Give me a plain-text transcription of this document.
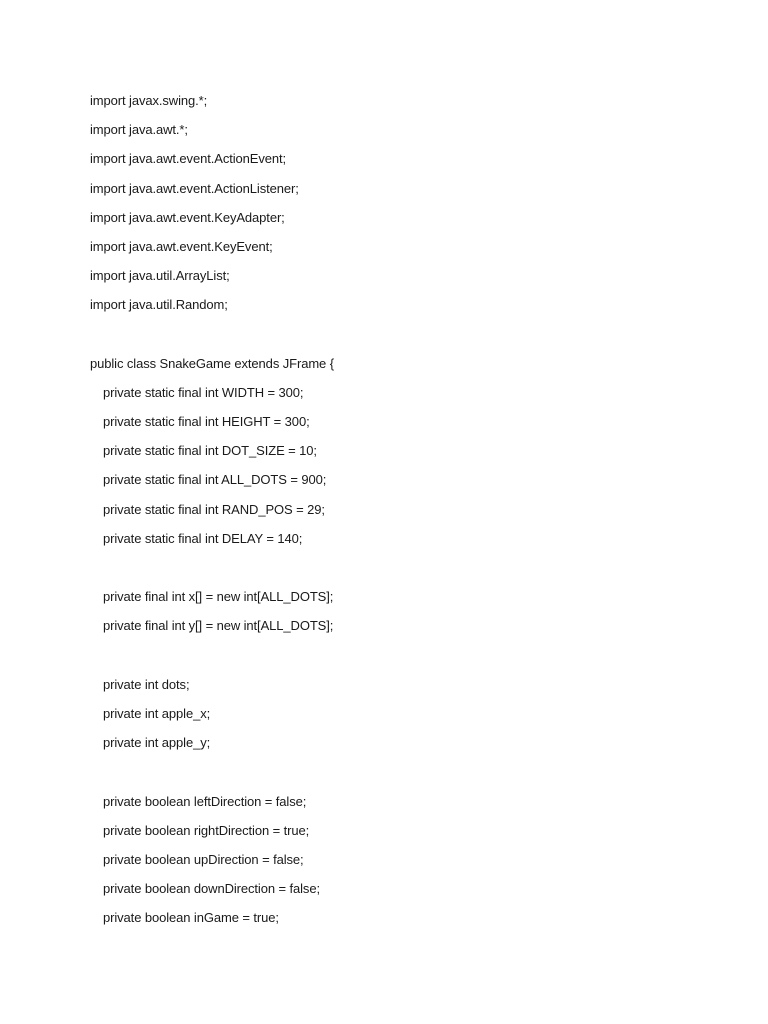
import javax.swing.*;
import java.awt.*;
import java.awt.event.ActionEvent;
import java.awt.event.ActionListener;
import java.awt.event.KeyAdapter;
import java.awt.event.KeyEvent;
import java.util.ArrayList;
import java.util.Random;
public class SnakeGame extends JFrame {
private static final int WIDTH = 300;
private static final int HEIGHT = 300;
private static final int DOT_SIZE = 10;
private static final int ALL_DOTS = 900;
private static final int RAND_POS = 29;
private static final int DELAY = 140;
private final int x[] = new int[ALL_DOTS];
private final int y[] = new int[ALL_DOTS];
private int dots;
private int apple_x;
private int apple_y;
private boolean leftDirection = false;
private boolean rightDirection = true;
private boolean upDirection = false;
private boolean downDirection = false;
private boolean inGame = true;
